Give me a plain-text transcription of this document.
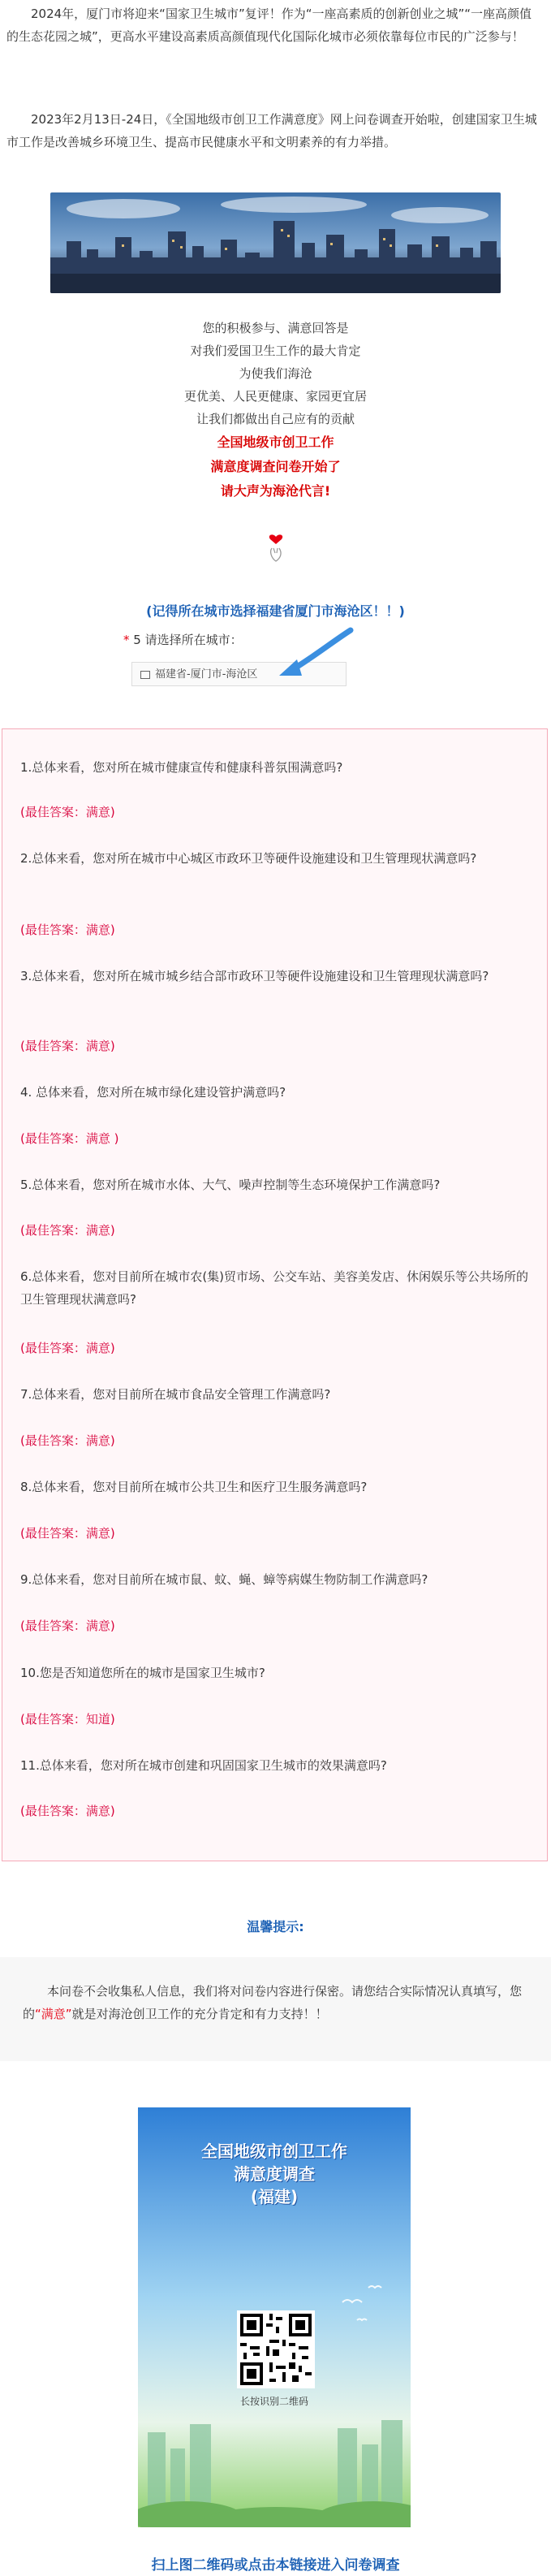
2024年，厦门市将迎来“国家卫生城市”复评！作为“一座高素质的创新创业之城”“一座高颜值的生态花园之城”，更高水平建设高素质高颜值现代化国际化城市必须依靠每位市民的广泛参与！

2023年2月13日-24日，《全国地级市创卫工作满意度》网上问卷调查开始啦，创建国家卫生城市工作是改善城乡环境卫生、提高市民健康水平和文明素养的有力举措。

您的积极参与、满意回答是
对我们爱国卫生工作的最大肯定
为使我们海沧
更优美、人民更健康、家园更宜居
让我们都做出自己应有的贡献
全国地级市创卫工作
满意度调查问卷开始了
请大声为海沧代言!
(记得所在城市选择福建省厦门市海沧区！！)
* 5 请选择所在城市：
福建省-厦门市-海沧区

1.总体来看，您对所在城市健康宣传和健康科普氛围满意吗?

(最佳答案：满意)

2.总体来看，您对所在城市中心城区市政环卫等硬件设施建设和卫生管理现状满意吗?

(最佳答案：满意)

3.总体来看，您对所在城市城乡结合部市政环卫等硬件设施建设和卫生管理现状满意吗?

(最佳答案：满意)

4. 总体来看，您对所在城市绿化建设管护满意吗?

(最佳答案：满意 )

5.总体来看，您对所在城市水体、大气、噪声控制等生态环境保护工作满意吗?

(最佳答案：满意)

6.总体来看，您对目前所在城市农(集)贸市场、公交车站、美容美发店、休闲娱乐等公共场所的卫生管理现状满意吗?

(最佳答案：满意)

7.总体来看，您对目前所在城市食品安全管理工作满意吗?

(最佳答案：满意)

8.总体来看，您对目前所在城市公共卫生和医疗卫生服务满意吗?

(最佳答案：满意)

9.总体来看，您对目前所在城市鼠、蚊、蝇、蟑等病媒生物防制工作满意吗?

(最佳答案：满意)

10.您是否知道您所在的城市是国家卫生城市?

(最佳答案：知道)

11.总体来看，您对所在城市创建和巩固国家卫生城市的效果满意吗?

(最佳答案：满意)

温馨提示:

本问卷不会收集私人信息，我们将对问卷内容进行保密。请您结合实际情况认真填写，您的“满意”就是对海沧创卫工作的充分肯定和有力支持！！

全国地级市创卫工作
满意度调查
(福建)
长按识别二维码
扫上图二维码或点击本链接进入问卷调查
